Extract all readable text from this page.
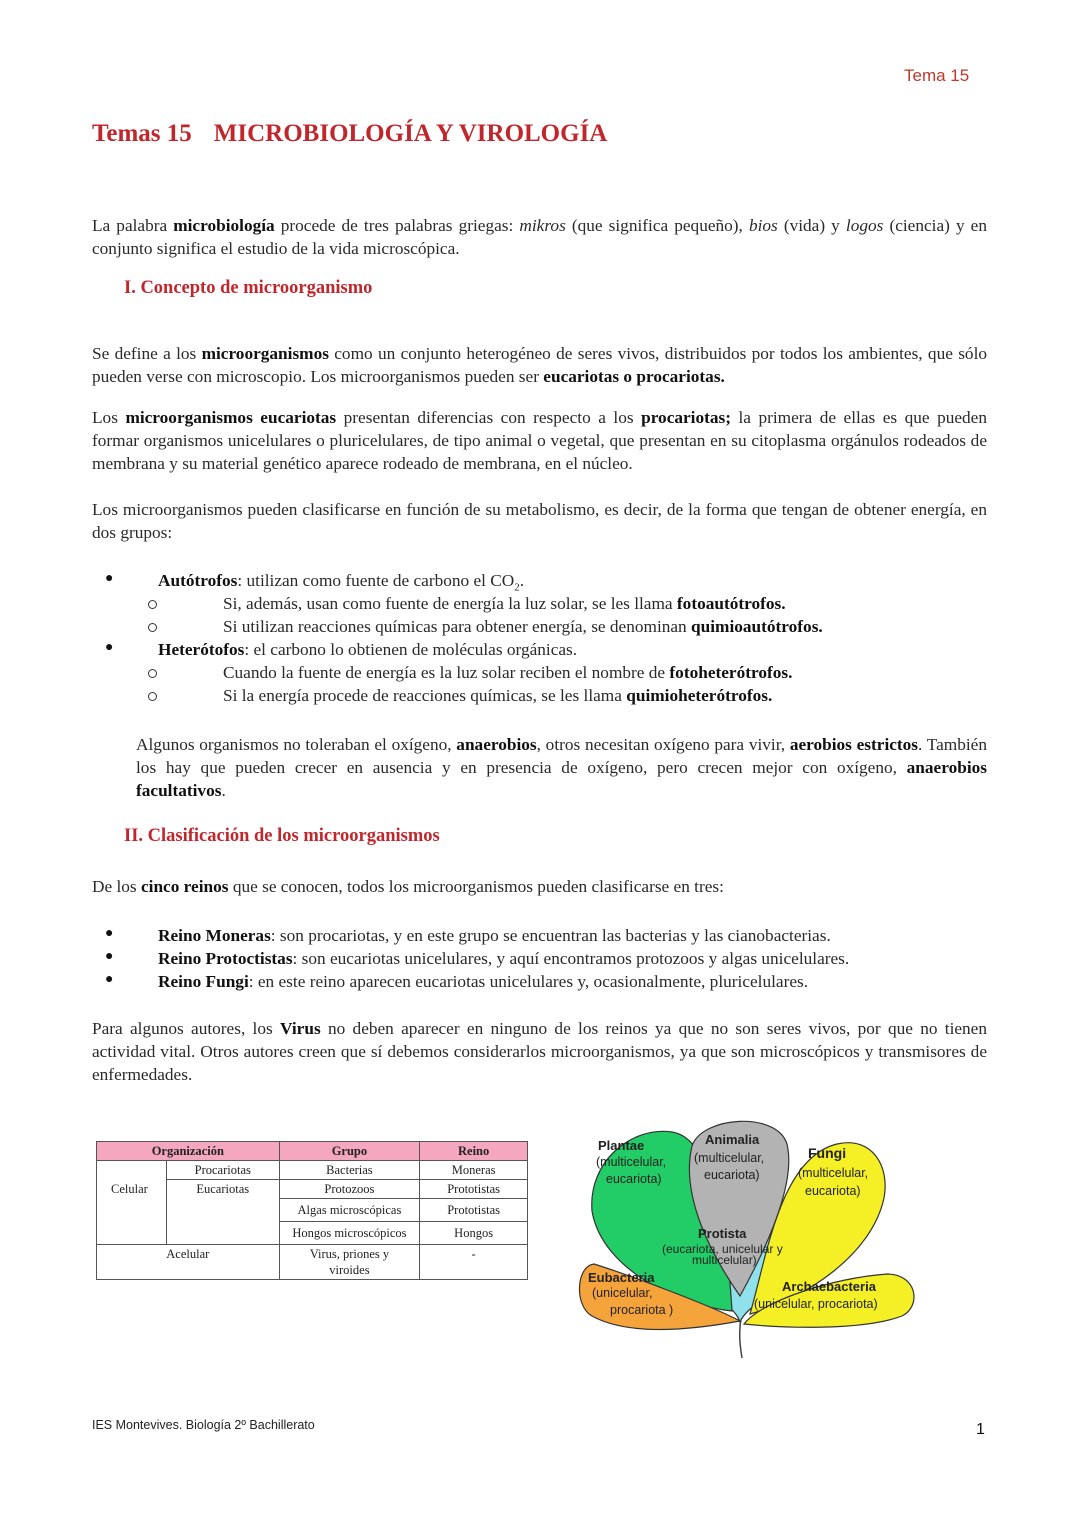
Tema 15
Temas 15 MICROBIOLOGÍA Y VIROLOGÍA
La palabra microbiología procede de tres palabras griegas: mikros (que significa pequeño), bios (vida) y logos (ciencia) y en conjunto significa el estudio de la vida microscópica.
I. Concepto de microorganismo
Se define a los microorganismos como un conjunto heterogéneo de seres vivos, distribuidos por todos los ambientes, que sólo pueden verse con microscopio. Los microorganismos pueden ser eucariotas o procariotas.
Los microorganismos eucariotas presentan diferencias con respecto a los procariotas; la primera de ellas es que pueden formar organismos unicelulares o pluricelulares, de tipo animal o vegetal, que presentan en su citoplasma orgánulos rodeados de membrana y su material genético aparece rodeado de membrana, en el núcleo.
Los microorganismos pueden clasificarse en función de su metabolismo, es decir, de la forma que tengan de obtener energía, en dos grupos:
●	Autótrofos: utilizan como fuente de carbono el $CO_2$.
Si, además, usan como fuente de energía la luz solar, se les llama fotoautótrofos.
Si utilizan reacciones químicas para obtener energía, se denominan quimioautótrofos.
●	Heterótofos: el carbono lo obtienen de moléculas orgánicas.
Cuando la fuente de energía es la luz solar reciben el nombre de fotoheterótrofos.
Si la energía procede de reacciones químicas, se les llama quimioheterótrofos.
Algunos organismos no toleraban el oxígeno, anaerobios, otros necesitan oxígeno para vivir, aerobios estrictos. También los hay que pueden crecer en ausencia y en presencia de oxígeno, pero crecen mejor con oxígeno, anaerobios facultativos.
II. Clasificación de los microorganismos
De los cinco reinos que se conocen, todos los microorganismos pueden clasificarse en tres:
●	Reino Moneras: son procariotas, y en este grupo se encuentran las bacterias y las cianobacterias.
●	Reino Protoctistas: son eucariotas unicelulares, y aquí encontramos protozoos y algas unicelulares.
●	Reino Fungi: en este reino aparecen eucariotas unicelulares y, ocasionalmente, pluricelulares.
Para algunos autores, los Virus no deben aparecer en ninguno de los reinos ya que no son seres vivos, por que no tienen actividad vital. Otros autores creen que sí debemos considerarlos microorganismos, ya que son microscópicos y transmisores de enfermedades.
Organización		Grupo	Reino
	Procariotas	Bacterias	Moneras
Celular	Eucariotas	Protozoos	Prototistas
		Algas microscópicas	Prototistas
		Hongos microscópicos	Hongos
Acelular		Virus, priones y viroides	-
Plantae
(multicelular,
eucariota)
Animalia
(multicelular,
eucariota)
Fungi
(multicelular,
eucariota)
Protista
(eucariota, unicelular y
multicelular)
Eubacteria
(unicelular,
procariota )
Archaebacteria
(unicelular, procariota)
IES Montevives. Biología 2º Bachillerato	1
